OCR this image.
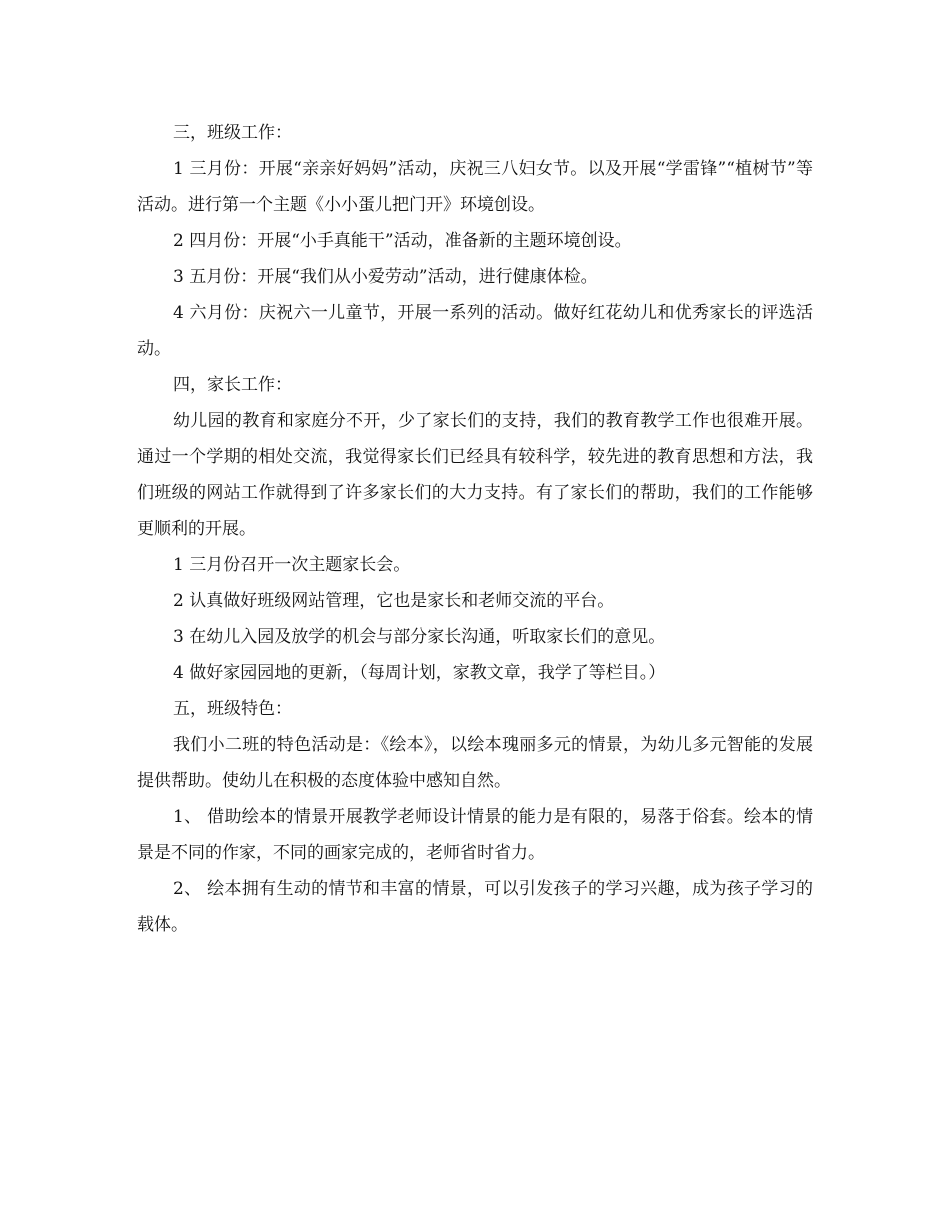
三，班级工作：

1 三月份：开展“亲亲好妈妈”活动，庆祝三八妇女节。以及开展“学雷锋”“植树节”等活动。进行第一个主题《小小蛋儿把门开》环境创设。

2 四月份：开展“小手真能干”活动，准备新的主题环境创设。

3 五月份：开展“我们从小爱劳动”活动，进行健康体检。

4 六月份：庆祝六一儿童节，开展一系列的活动。做好红花幼儿和优秀家长的评选活动。

四，家长工作：

幼儿园的教育和家庭分不开，少了家长们的支持，我们的教育教学工作也很难开展。通过一个学期的相处交流，我觉得家长们已经具有较科学，较先进的教育思想和方法，我们班级的网站工作就得到了许多家长们的大力支持。有了家长们的帮助，我们的工作能够更顺利的开展。

1 三月份召开一次主题家长会。

2 认真做好班级网站管理，它也是家长和老师交流的平台。

3 在幼儿入园及放学的机会与部分家长沟通，听取家长们的意见。

4 做好家园园地的更新，（每周计划，家教文章，我学了等栏目。）

五，班级特色：

我们小二班的特色活动是：《绘本》，以绘本瑰丽多元的情景，为幼儿多元智能的发展提供帮助。使幼儿在积极的态度体验中感知自然。

1、 借助绘本的情景开展教学老师设计情景的能力是有限的，易落于俗套。绘本的情景是不同的作家，不同的画家完成的，老师省时省力。

2、 绘本拥有生动的情节和丰富的情景，可以引发孩子的学习兴趣，成为孩子学习的载体。
